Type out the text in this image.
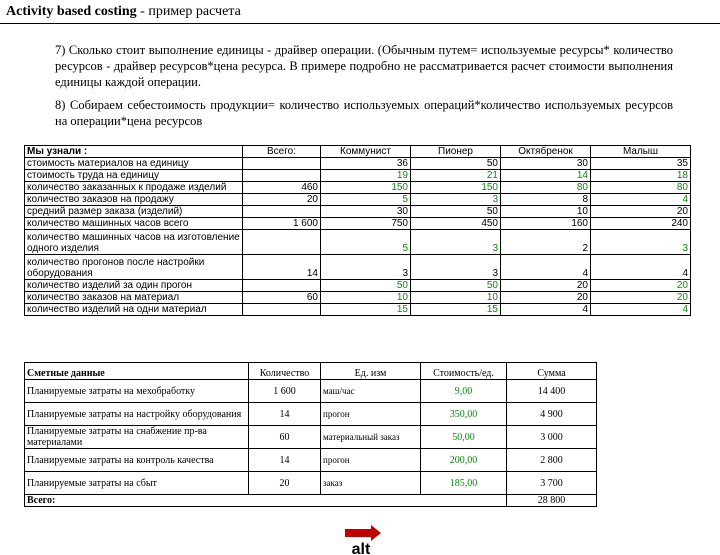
Activity based costing - пример расчета
7) Сколько стоит выполнение единицы - драйвер операции. (Обычным путем= используемые ресурсы* количество ресурсов - драйвер ресурсов*цена ресурса. В примере подробно не рассматривается расчет стоимости выполнения единицы каждой операции.
8) Собираем себестоимость продукции= количество используемых операций*количество используемых ресурсов на операции*цена ресурсов
Мы узнали :	Всего:	Коммунист	Пионер	Октябренок	Малыш
стоимость материалов на единицу		36	50	30	35
стоимость труда на единицу		19	21	14	18
количество заказанных к продаже изделий	460	150	150	80	80
количество заказов на продажу	20	5	3	8	4
средний размер заказа (изделий)		30	50	10	20
количество машинных часов всего	1 600	750	450	160	240
количество машинных часов на изготовление одного изделия		5	3	2	3
количество прогонов после настройки оборудования	14	3	3	4	4
количество изделий за один прогон		50	50	20	20
количество заказов на материал	60	10	10	20	20
количество изделий на одни материал		15	15	4	4
Сметные данные	Количество	Ед. изм	Стоимость/ед.	Сумма
Планируемые затраты на мехобработку	1 600	маш/час	9,00	14 400
Планируемые затраты на настройку оборудования	14	прогон	350,00	4 900
Планируемые затраты на снабжение пр-ва материалами	60	материальный заказ	50,00	3 000
Планируемые затраты на контроль качества	14	прогон	200,00	2 800
Планируемые затраты на сбыт	20	заказ	185,00	3 700
Всего:				28 800
alt
